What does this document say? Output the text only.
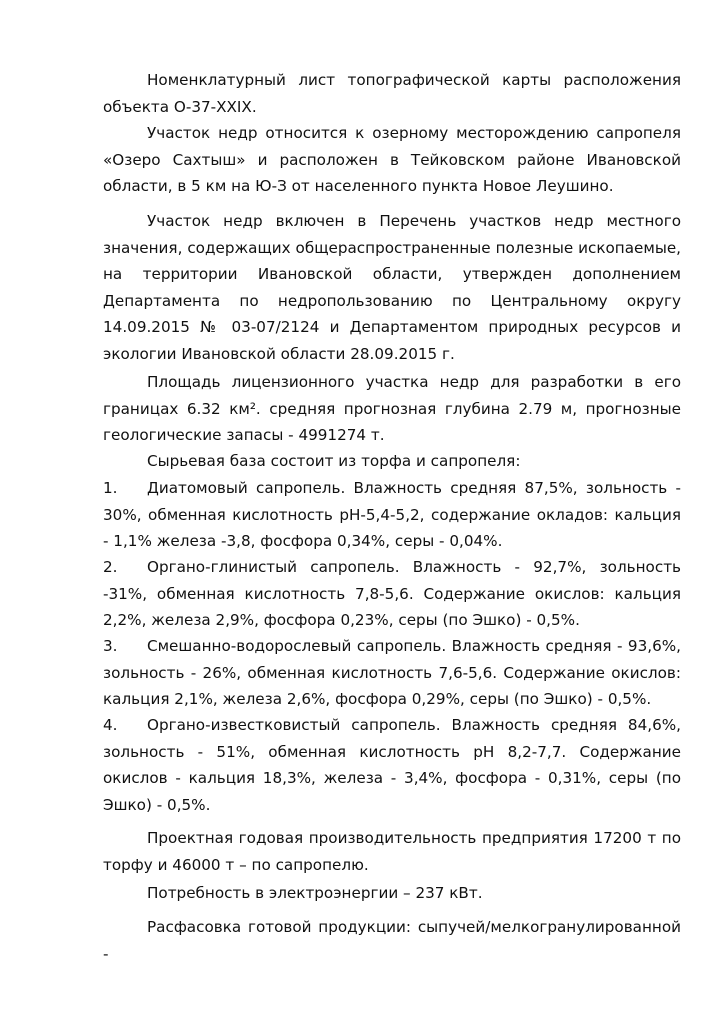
Номенклатурный лист топографической карты расположения объекта О-37-XXIX.

Участок недр относится к озерному месторождению сапропеля «Озеро Сахтыш» и расположен в Тейковском районе Ивановской области, в 5 км на Ю-З от населенного пункта Новое Леушино.

Участок недр включен в Перечень участков недр местного значения, содержащих общераспространенные полезные ископаемые, на территории Ивановской области, утвержден дополнением Департамента по недропользованию по Центральному округу 14.09.2015 № 03-07/2124 и Департаментом природных ресурсов и экологии Ивановской области 28.09.2015 г.

Площадь лицензионного участка недр для разработки в его границах 6.32 км². средняя прогнозная глубина 2.79 м, прогнозные геологические запасы - 4991274 т.

Сырьевая база состоит из торфа и сапропеля:

1. Диатомовый сапропель. Влажность средняя 87,5%, зольность - 30%, обменная кислотность pH-5,4-5,2, содержание окладов: кальция - 1,1% железа -3,8, фосфора 0,34%, серы - 0,04%.

2. Органо-глинистый сапропель. Влажность - 92,7%, зольность -31%, обменная кислотность 7,8-5,6. Содержание окислов: кальция 2,2%, железа 2,9%, фосфора 0,23%, серы (по Эшко) - 0,5%.

3. Смешанно-водорослевый сапропель. Влажность средняя - 93,6%, зольность - 26%, обменная кислотность 7,6-5,6. Содержание окислов: кальция 2,1%, железа 2,6%, фосфора 0,29%, серы (по Эшко) - 0,5%.

4. Органо-известковистый сапропель. Влажность средняя 84,6%, зольность - 51%, обменная кислотность pH 8,2-7,7. Содержание окислов - кальция 18,3%, железа - 3,4%, фосфора - 0,31%, серы (по Эшко) - 0,5%.

Проектная годовая производительность предприятия 17200 т по торфу и 46000 т – по сапропелю.

Потребность в электроэнергии – 237 кВт.

Расфасовка готовой продукции: сыпучей/мелкогранулированной -
